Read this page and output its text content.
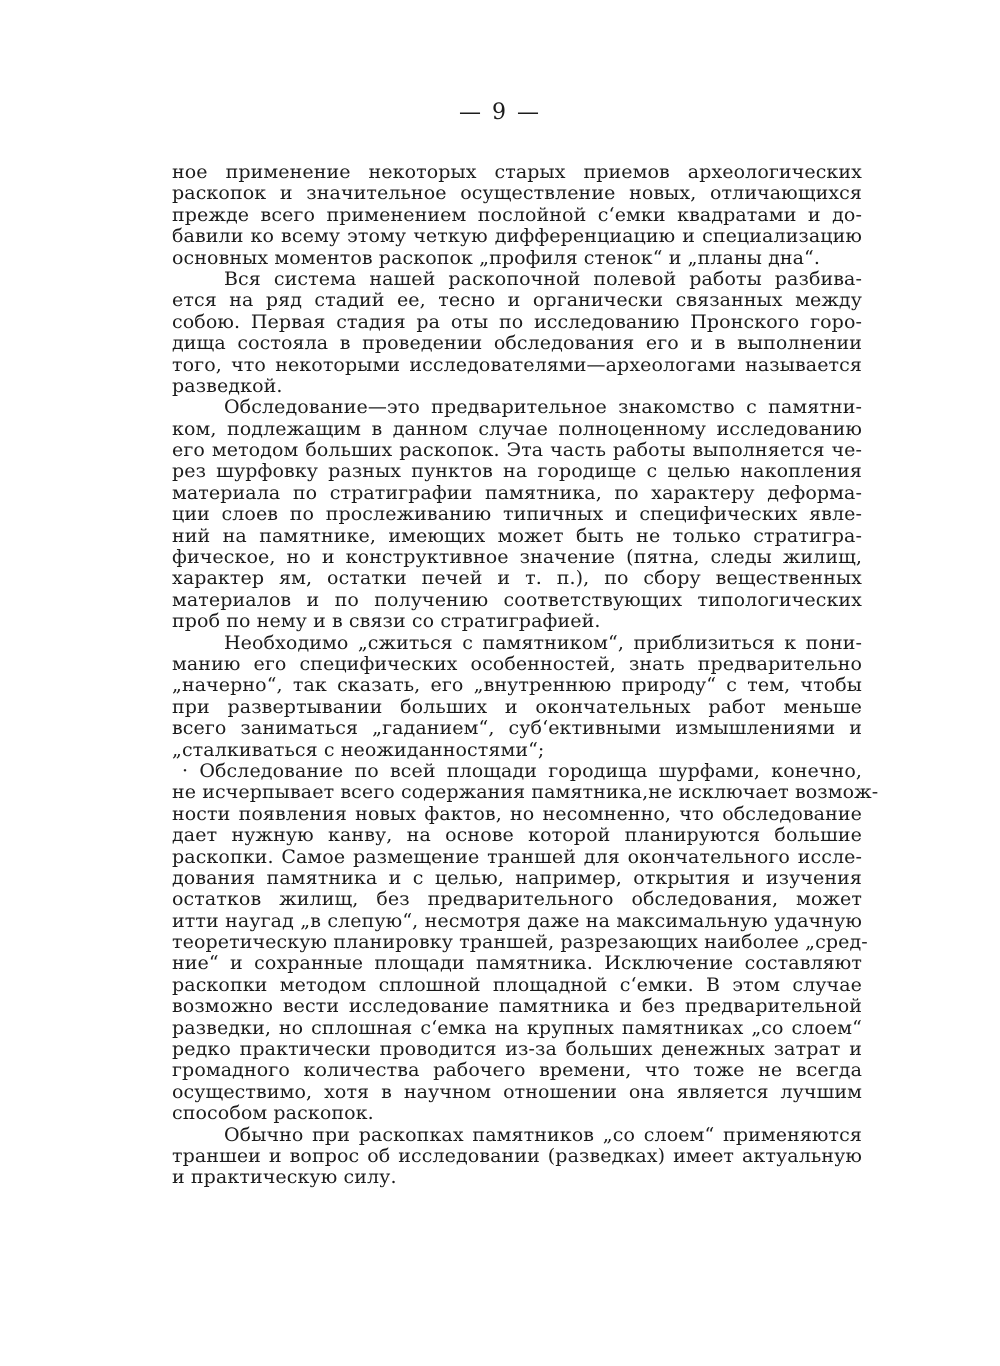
— 9 —
ное применение некоторых старых приемов археологических
раскопок и значительное осуществление новых, отличающихся
прежде всего применением послойной с‘емки квадратами и до-
бавили ко всему этому четкую дифференциацию и специализацию
основных моментов раскопок „профиля стенок“ и „планы дна“.
Вся система нашей раскопочной полевой работы разбива-
ется на ряд стадий ее, тесно и органически связанных между
собою. Первая стадия ра оты по исследованию Пронского горо-
дища состояла в проведении обследования его и в выполнении
того, что некоторыми исследователями—археологами называется
разведкой.
Обследование—это предварительное знакомство с памятни-
ком, подлежащим в данном случае полноценному исследованию
его методом больших раскопок. Эта часть работы выполняется че-
рез шурфовку разных пунктов на городище с целью накопления
материала по стратиграфии памятника, по характеру деформа-
ции слоев по прослеживанию типичных и специфических явле-
ний на памятнике, имеющих может быть не только стратигра-
фическое, но и конструктивное значение (пятна, следы жилищ,
характер ям, остатки печей и т. п.), по сбору вещественных
материалов и по получению соответствующих типологических
проб по нему и в связи со стратиграфией.
Необходимо „сжиться с памятником“, приблизиться к пони-
манию его специфических особенностей, знать предварительно
„начерно“, так сказать, его „внутреннюю природу“ с тем, чтобы
при развертывании больших и окончательных работ меньше
всего заниматься „гаданием“, суб‘ективными измышлениями и
„сталкиваться с неожиданностями“;
· Обследование по всей площади городища шурфами, конечно,
не исчерпывает всего содержания памятника,не исключает возмож-
ности появления новых фактов, но несомненно, что обследование
дает нужную канву, на основе которой планируются большие
раскопки. Самое размещение траншей для окончательного иссле-
дования памятника и с целью, например, открытия и изучения
остатков жилищ, без предварительного обследования, может
итти наугад „в слепую“, несмотря даже на максимальную удачную
теоретическую планировку траншей, разрезающих наиболее „сред-
ние“ и сохранные площади памятника. Исключение составляют
раскопки методом сплошной площадной с‘емки. В этом случае
возможно вести исследование памятника и без предварительной
разведки, но сплошная с‘емка на крупных памятниках „со слоем“
редко практически проводится из-за больших денежных затрат и
громадного количества рабочего времени, что тоже не всегда
осуществимо, хотя в научном отношении она является лучшим
способом раскопок.
Обычно при раскопках памятников „со слоем“ применяются
траншеи и вопрос об исследовании (разведках) имеет актуальную
и практическую силу.
